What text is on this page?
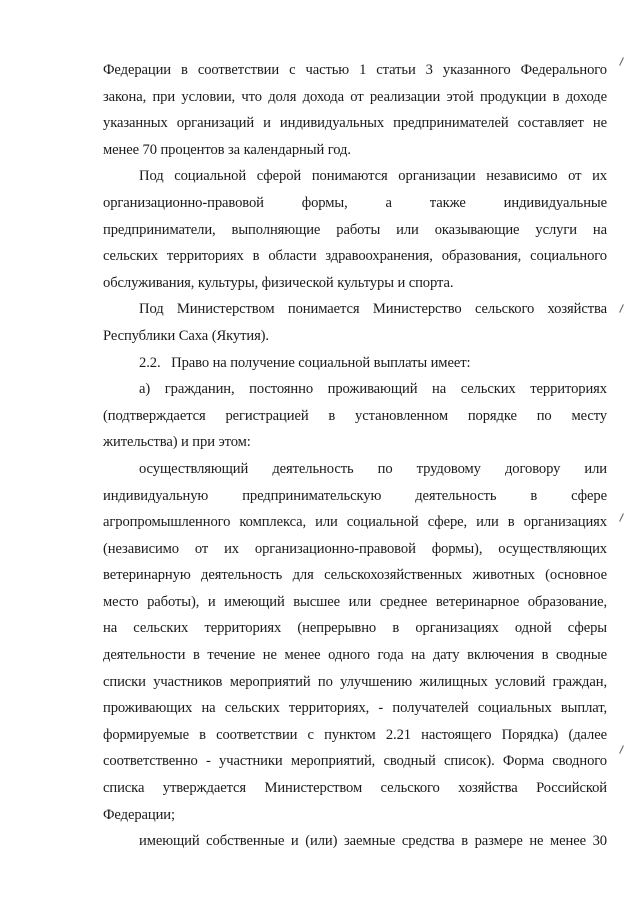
Федерации в соответствии с частью 1 статьи 3 указанного Федерального
закона, при условии, что доля дохода от реализации этой продукции в доходе
указанных организаций и индивидуальных предпринимателей составляет не
менее 70 процентов за календарный год.
Под социальной сферой понимаются организации независимо от их
организационно-правовой формы, а также индивидуальные
предприниматели, выполняющие работы или оказывающие услуги на
сельских территориях в области здравоохранения, образования, социального
обслуживания, культуры, физической культуры и спорта.
Под Министерством понимается Министерство сельского хозяйства
Республики Саха (Якутия).
2.2.   Право на получение социальной выплаты имеет:
а) гражданин, постоянно проживающий на сельских территориях
(подтверждается регистрацией в установленном порядке по месту
жительства) и при этом:
осуществляющий деятельность по трудовому договору или
индивидуальную предпринимательскую деятельность в сфере
агропромышленного комплекса, или социальной сфере, или в организациях
(независимо от их организационно-правовой формы), осуществляющих
ветеринарную деятельность для сельскохозяйственных животных (основное
место работы), и имеющий высшее или среднее ветеринарное образование,
на сельских территориях (непрерывно в организациях одной сферы
деятельности в течение не менее одного года на дату включения в сводные
списки участников мероприятий по улучшению жилищных условий граждан,
проживающих на сельских территориях, - получателей социальных выплат,
формируемые в соответствии с пунктом 2.21 настоящего Порядка) (далее
соответственно - участники мероприятий, сводный список). Форма сводного
списка утверждается Министерством сельского хозяйства Российской
Федерации;
имеющий собственные и (или) заемные средства в размере не менее 30
